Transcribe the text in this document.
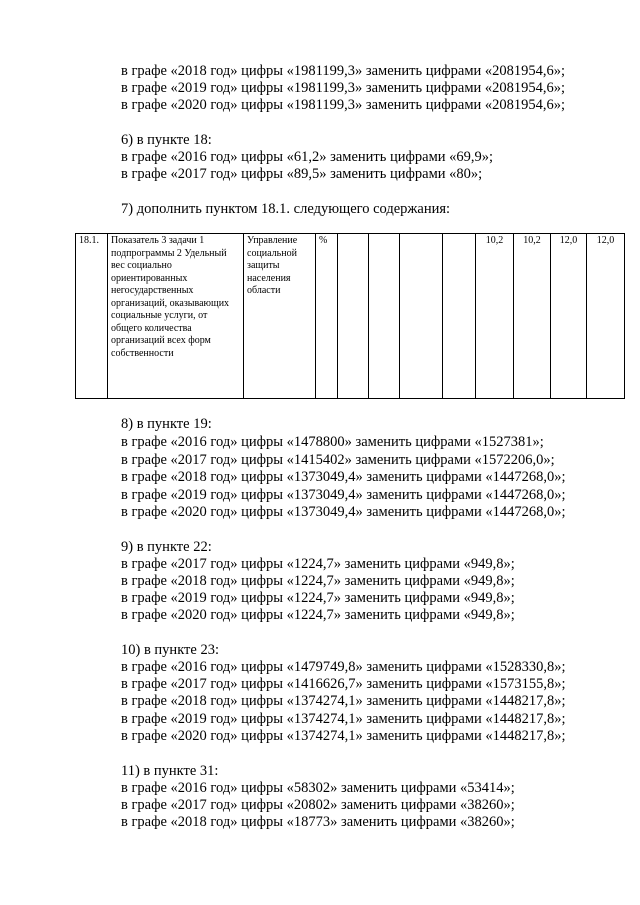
в графе «2018 год» цифры «1981199,3» заменить цифрами «2081954,6»;
в графе «2019 год» цифры «1981199,3» заменить цифрами «2081954,6»;
в графе «2020 год» цифры «1981199,3» заменить цифрами «2081954,6»;
6) в пункте 18:
в графе «2016 год» цифры «61,2» заменить цифрами «69,9»;
в графе «2017 год» цифры «89,5» заменить цифрами «80»;
7) дополнить пунктом 18.1. следующего содержания:
18.1.	Показатель 3 задачи 1 подпрограммы 2 Удельный вес социально ориентированных негосударственных организаций, оказывающих социальные услуги, от общего количества организаций всех форм собственности	Управление социальной защиты населения области	%					10,2	10,2	12,0	12,0
8) в пункте 19:
в графе «2016 год» цифры «1478800» заменить цифрами «1527381»;
в графе «2017 год» цифры «1415402» заменить цифрами «1572206,0»;
в графе «2018 год» цифры «1373049,4» заменить цифрами «1447268,0»;
в графе «2019 год» цифры «1373049,4» заменить цифрами «1447268,0»;
в графе «2020 год» цифры «1373049,4» заменить цифрами «1447268,0»;
9) в пункте 22:
в графе «2017 год» цифры «1224,7» заменить цифрами «949,8»;
в графе «2018 год» цифры «1224,7» заменить цифрами «949,8»;
в графе «2019 год» цифры «1224,7» заменить цифрами «949,8»;
в графе «2020 год» цифры «1224,7» заменить цифрами «949,8»;
10) в пункте 23:
в графе «2016 год» цифры «1479749,8» заменить цифрами «1528330,8»;
в графе «2017 год» цифры «1416626,7» заменить цифрами «1573155,8»;
в графе «2018 год» цифры «1374274,1» заменить цифрами «1448217,8»;
в графе «2019 год» цифры «1374274,1» заменить цифрами «1448217,8»;
в графе «2020 год» цифры «1374274,1» заменить цифрами «1448217,8»;
11) в пункте 31:
в графе «2016 год» цифры «58302» заменить цифрами «53414»;
в графе «2017 год» цифры «20802» заменить цифрами «38260»;
в графе «2018 год» цифры «18773» заменить цифрами «38260»;
